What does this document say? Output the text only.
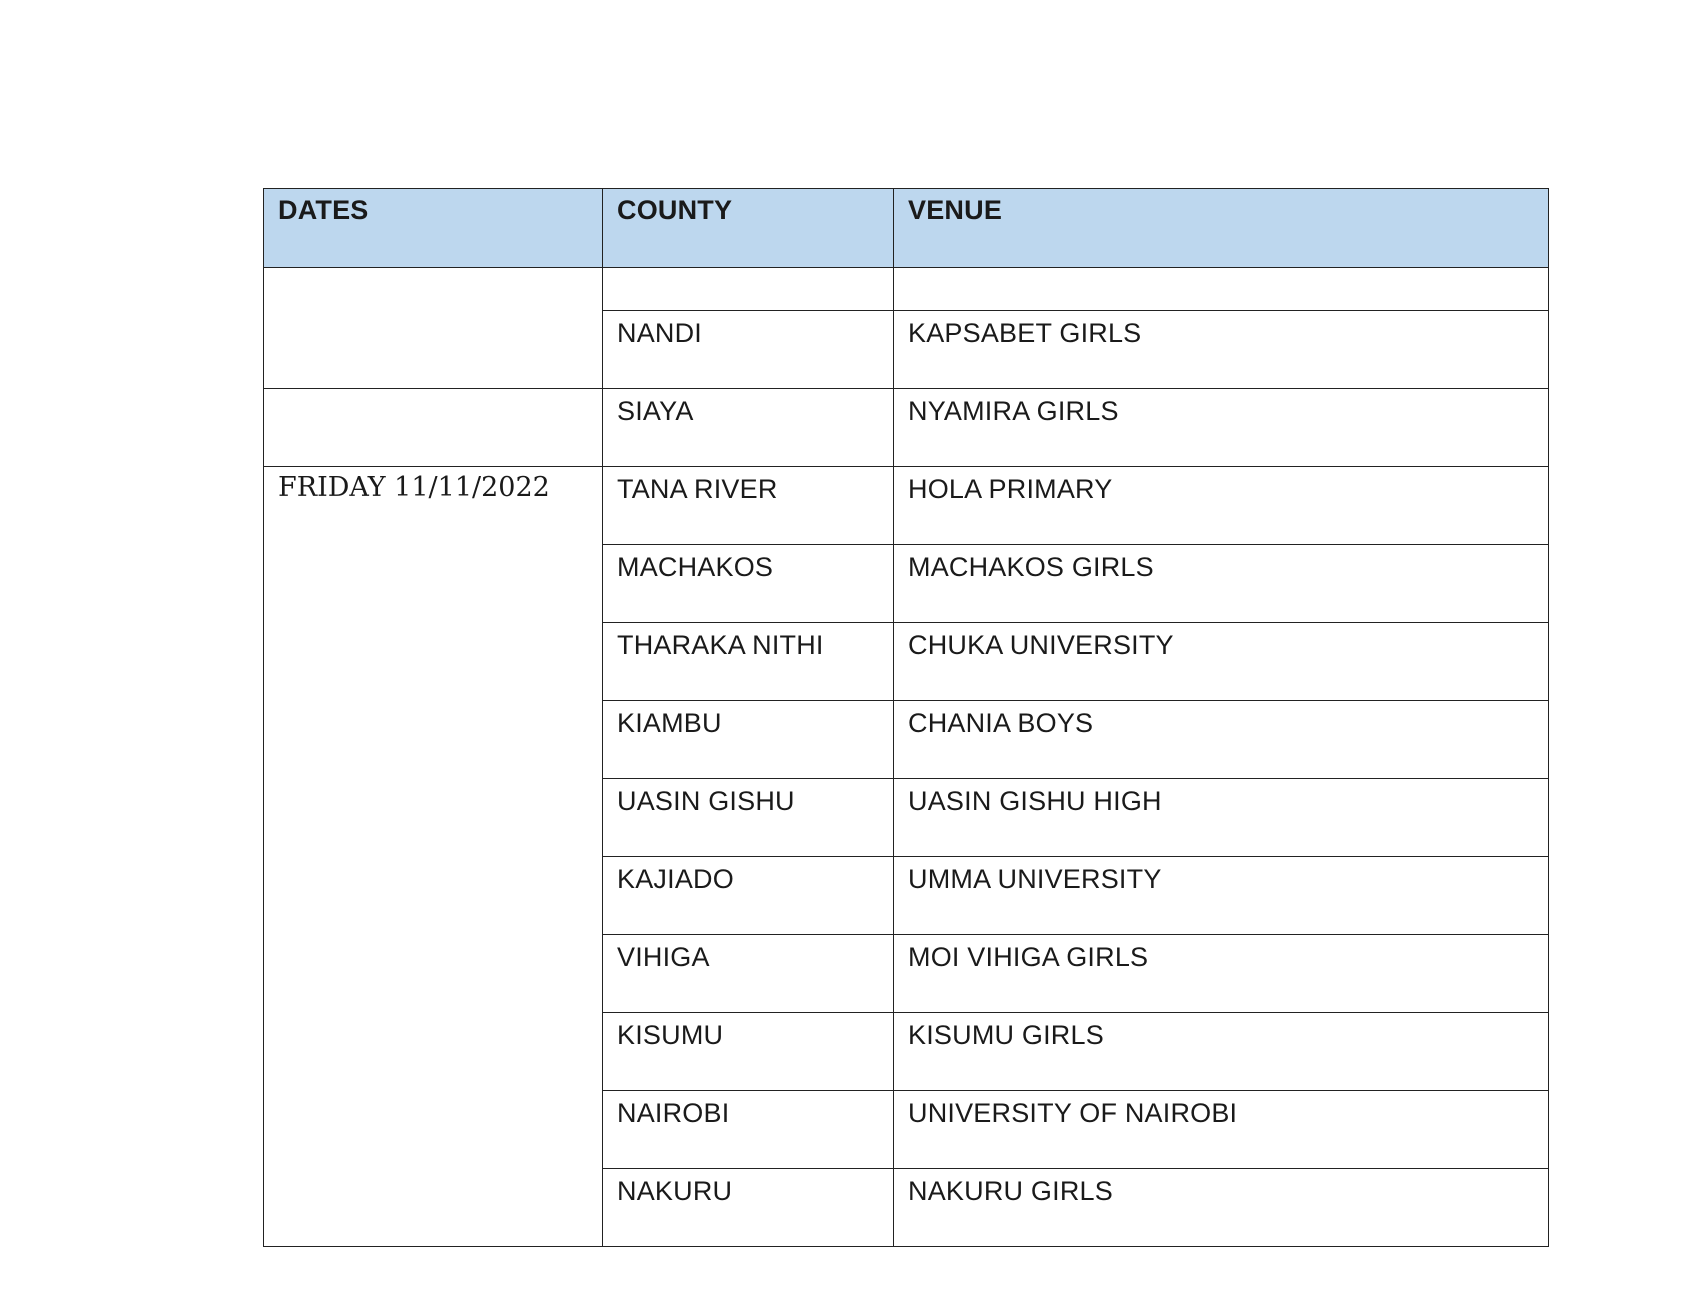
DATES	COUNTY	VENUE

	NANDI	KAPSABET GIRLS
	SIAYA	NYAMIRA GIRLS
FRIDAY 11/11/2022	TANA RIVER	HOLA PRIMARY
	MACHAKOS	MACHAKOS GIRLS
	THARAKA NITHI	CHUKA UNIVERSITY
	KIAMBU	CHANIA BOYS
	UASIN GISHU	UASIN GISHU HIGH
	KAJIADO	UMMA UNIVERSITY
	VIHIGA	MOI VIHIGA GIRLS
	KISUMU	KISUMU GIRLS
	NAIROBI	UNIVERSITY OF NAIROBI
	NAKURU	NAKURU GIRLS
